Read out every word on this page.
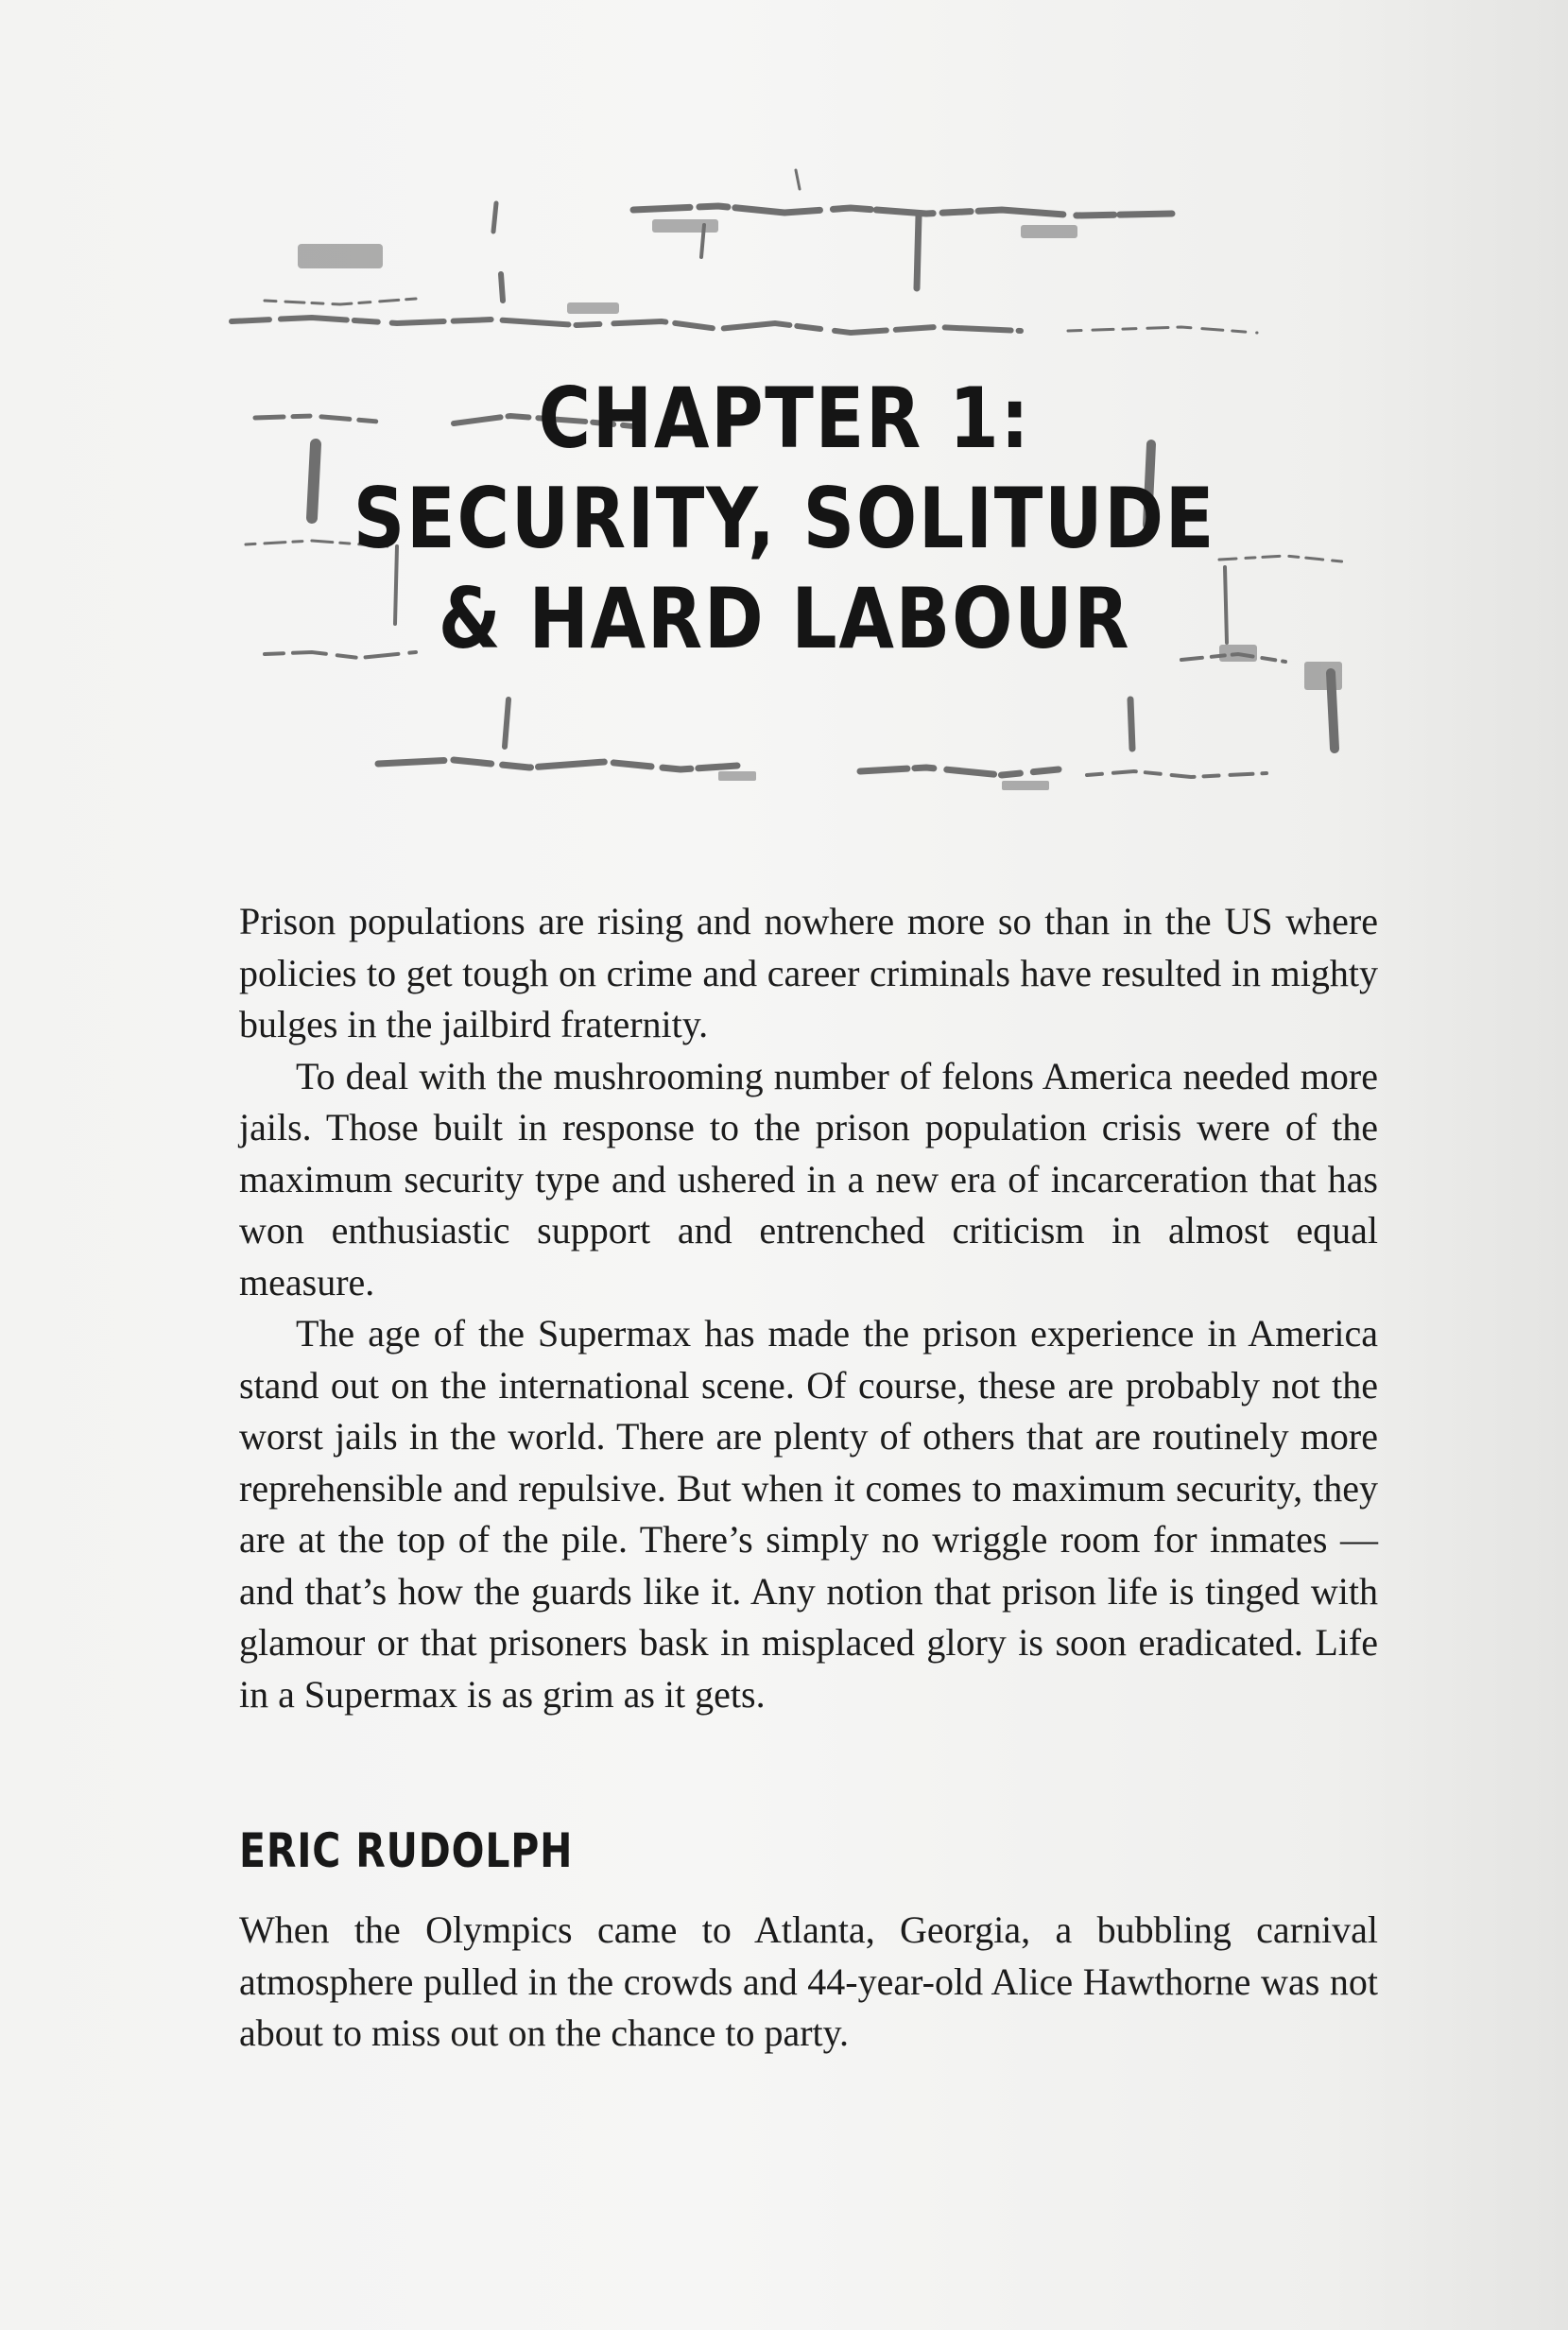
CHAPTER 1:
SECURITY, SOLITUDE
& HARD LABOUR

Prison populations are rising and nowhere more so than in the US where policies to get tough on crime and career criminals have resulted in mighty bulges in the jailbird fraternity.

To deal with the mushrooming number of felons America needed more jails. Those built in response to the prison population crisis were of the maximum security type and ushered in a new era of incarceration that has won enthusiastic support and entrenched criticism in almost equal measure.

The age of the Supermax has made the prison experience in America stand out on the international scene. Of course, these are probably not the worst jails in the world. There are plenty of others that are routinely more reprehensible and repulsive. But when it comes to maximum security, they are at the top of the pile. There’s simply no wriggle room for inmates — and that’s how the guards like it. Any notion that prison life is tinged with glamour or that prisoners bask in misplaced glory is soon eradicated. Life in a Supermax is as grim as it gets.

ERIC RUDOLPH

When the Olympics came to Atlanta, Georgia, a bubbling carnival atmosphere pulled in the crowds and 44-year-old Alice Hawthorne was not about to miss out on the chance to party.
